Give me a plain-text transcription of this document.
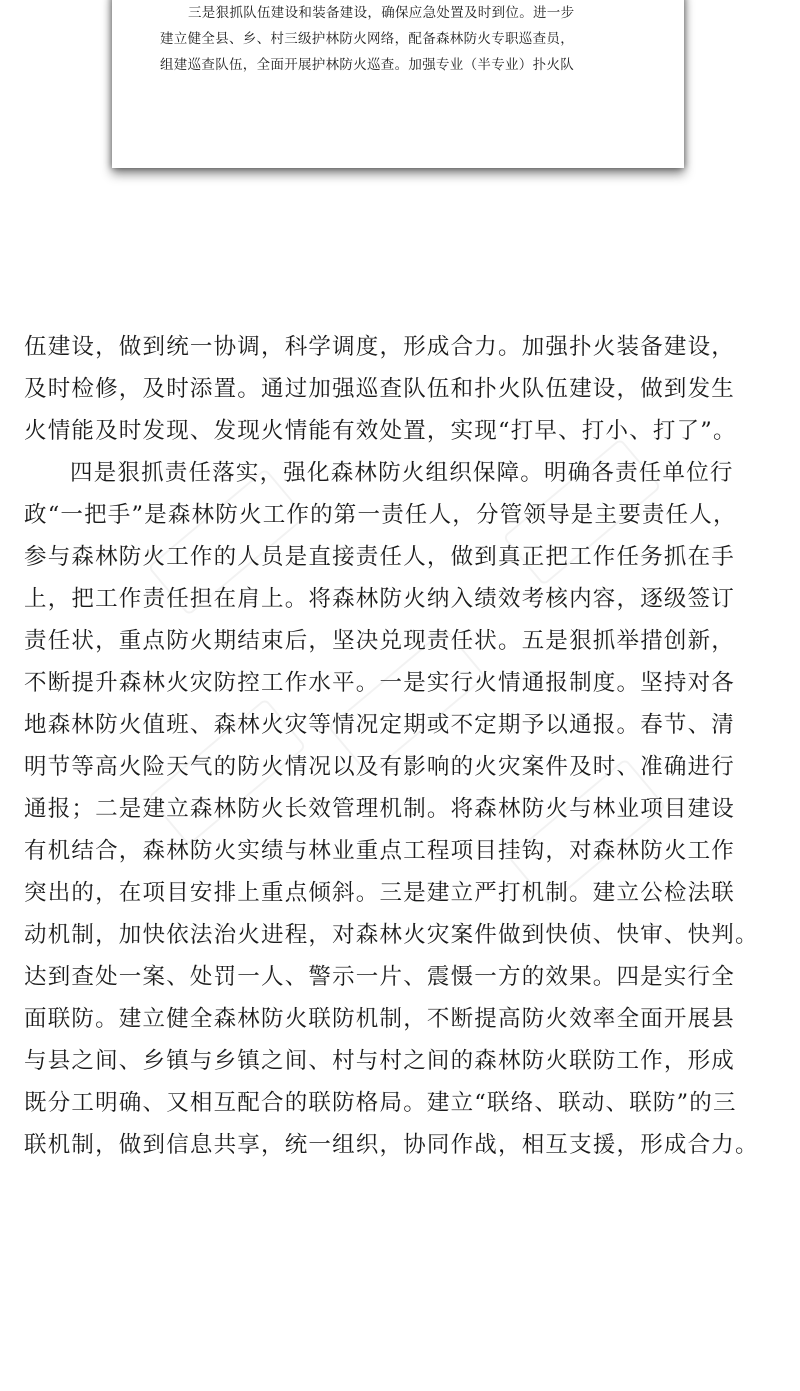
三是狠抓队伍建设和装备建设，确保应急处置及时到位。进一步
建立健全县、乡、村三级护林防火网络，配备森林防火专职巡查员，
组建巡查队伍，全面开展护林防火巡查。加强专业（半专业）扑火队
伍建设，做到统一协调，科学调度，形成合力。加强扑火装备建设，
及时检修，及时添置。通过加强巡查队伍和扑火队伍建设，做到发生
火情能及时发现、发现火情能有效处置，实现“打早、打小、打了”。
四是狠抓责任落实，强化森林防火组织保障。明确各责任单位行
政“一把手”是森林防火工作的第一责任人，分管领导是主要责任人，
参与森林防火工作的人员是直接责任人，做到真正把工作任务抓在手
上，把工作责任担在肩上。将森林防火纳入绩效考核内容，逐级签订
责任状，重点防火期结束后，坚决兑现责任状。五是狠抓举措创新，
不断提升森林火灾防控工作水平。一是实行火情通报制度。坚持对各
地森林防火值班、森林火灾等情况定期或不定期予以通报。春节、清
明节等高火险天气的防火情况以及有影响的火灾案件及时、准确进行
通报；二是建立森林防火长效管理机制。将森林防火与林业项目建设
有机结合，森林防火实绩与林业重点工程项目挂钩，对森林防火工作
突出的，在项目安排上重点倾斜。三是建立严打机制。建立公检法联
动机制，加快依法治火进程，对森林火灾案件做到快侦、快审、快判。
达到查处一案、处罚一人、警示一片、震慑一方的效果。四是实行全
面联防。建立健全森林防火联防机制，不断提高防火效率全面开展县
与县之间、乡镇与乡镇之间、村与村之间的森林防火联防工作，形成
既分工明确、又相互配合的联防格局。建立“联络、联动、联防”的三
联机制，做到信息共享，统一组织，协同作战，相互支援，形成合力。
